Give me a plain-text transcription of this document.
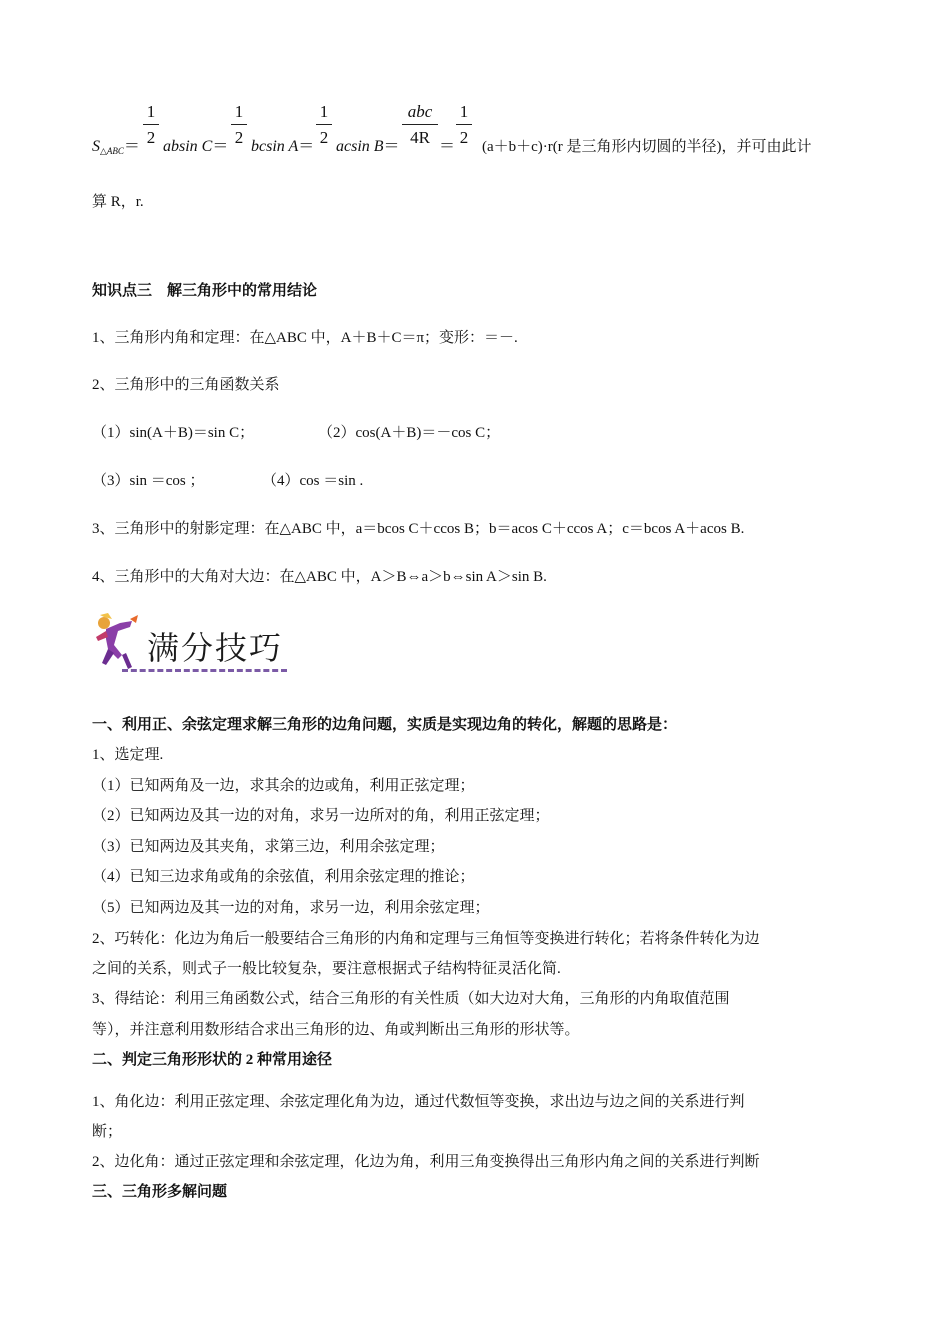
S△ABC＝
1
2 absin C＝
1
2 bcsin A＝
1
2 acsin B＝
abc
4R ＝
1
2 (a＋b＋c)·r(r 是三角形内切圆的半径)，并可由此计
算 R，r.
知识点三　解三角形中的常用结论
1、三角形内角和定理：在△ABC 中，A＋B＋C＝π；变形：＝－.
2、三角形中的三角函数关系
（1）sin(A＋B)＝sin C；	（2）cos(A＋B)＝－cos C；
（3）sin ＝cos ；	（4）cos ＝sin .
3、三角形中的射影定理：在△ABC 中，a＝bcos C＋ccos B；b＝acos C＋ccos A；c＝bcos A＋acos B.
4、三角形中的大角对大边：在△ABC 中，A＞B⇔a＞b⇔sin A＞sin B.
满分技巧
一、利用正、余弦定理求解三角形的边角问题，实质是实现边角的转化，解题的思路是：
1、选定理.
（1）已知两角及一边，求其余的边或角，利用正弦定理；
（2）已知两边及其一边的对角，求另一边所对的角，利用正弦定理；
（3）已知两边及其夹角，求第三边，利用余弦定理；
（4）已知三边求角或角的余弦值，利用余弦定理的推论；
（5）已知两边及其一边的对角，求另一边，利用余弦定理；
2、巧转化：化边为角后一般要结合三角形的内角和定理与三角恒等变换进行转化；若将条件转化为边
之间的关系，则式子一般比较复杂，要注意根据式子结构特征灵活化简.
3、得结论：利用三角函数公式，结合三角形的有关性质（如大边对大角，三角形的内角取值范围
等），并注意利用数形结合求出三角形的边、角或判断出三角形的形状等。
二、判定三角形形状的 2 种常用途径
1、角化边：利用正弦定理、余弦定理化角为边，通过代数恒等变换，求出边与边之间的关系进行判
断；
2、边化角：通过正弦定理和余弦定理，化边为角，利用三角变换得出三角形内角之间的关系进行判断
三、三角形多解问题
